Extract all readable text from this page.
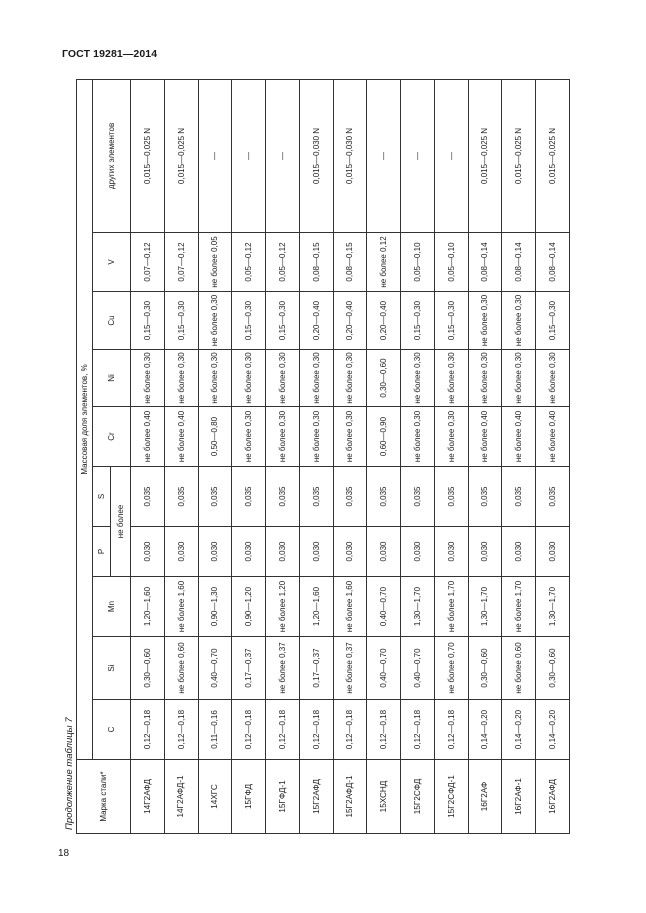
ГОСТ 19281—2014
Продолжение таблицы 7	Марка стали*	Массовая доля элементов, %									
	C	Si	Mn	P	S	Cr	Ni	Cu	V	других элементов
				не более						
14Г2АФД	0,12—0,18	0,30—0,60	1,20—1,60	0,030	0,035	не более 0,40	не более 0,30	0,15—0,30	0,07—0,12	0,015—0,025 N
14Г2АФД-1	0,12—0,18	не более 0,60	не более 1,60	0,030	0,035	не более 0,40	не более 0,30	0,15—0,30	0,07—0,12	0,015—0,025 N
14ХГС	0,11—0,16	0,40—0,70	0,90—1,30	0,030	0,035	0,50—0,80	не более 0,30	не более 0,30	не более 0,05	—
15ГФД	0,12—0,18	0,17—0,37	0,90—1,20	0,030	0,035	не более 0,30	не более 0,30	0,15—0,30	0,05—0,12	—
15ГФД-1	0,12—0,18	не более 0,37	не более 1,20	0,030	0,035	не более 0,30	не более 0,30	0,15—0,30	0,05—0,12	—
15Г2АФД	0,12—0,18	0,17—0,37	1,20—1,60	0,030	0,035	не более 0,30	не более 0,30	0,20—0,40	0,08—0,15	0,015—0,030 N
15Г2АФД-1	0,12—0,18	не более 0,37	не более 1,60	0,030	0,035	не более 0,30	не более 0,30	0,20—0,40	0,08—0,15	0,015—0,030 N
15ХСНД	0,12—0,18	0,40—0,70	0,40—0,70	0,030	0,035	0,60—0,90	0,30—0,60	0,20—0,40	не более 0,12	—
15Г2СФД	0,12—0,18	0,40—0,70	1,30—1,70	0,030	0,035	не более 0,30	не более 0,30	0,15—0,30	0,05—0,10	—
15Г2СФД-1	0,12—0,18	не более 0,70	не более 1,70	0,030	0,035	не более 0,30	не более 0,30	0,15—0,30	0,05—0,10	—
16Г2АФ	0,14—0,20	0,30—0,60	1,30—1,70	0,030	0,035	не более 0,40	не более 0,30	не более 0,30	0,08—0,14	0,015—0,025 N
16Г2АФ-1	0,14—0,20	не более 0,60	не более 1,70	0,030	0,035	не более 0,40	не более 0,30	не более 0,30	0,08—0,14	0,015—0,025 N
16Г2АФД	0,14—0,20	0,30—0,60	1,30—1,70	0,030	0,035	не более 0,40	не более 0,30	0,15—0,30	0,08—0,14	0,015—0,025 N
18
